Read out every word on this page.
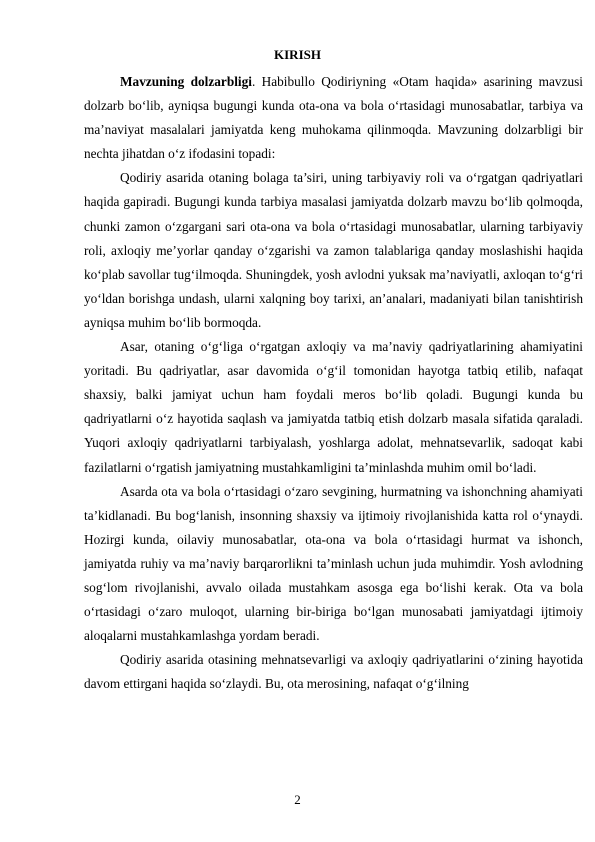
KIRISH

Mavzuning dolzarbligi. Habibullo Qodiriyning «Otam haqida» asarining mavzusi dolzarb bo‘lib, ayniqsa bugungi kunda ota-ona va bola o‘rtasidagi munosabatlar, tarbiya va ma’naviyat masalalari jamiyatda keng muhokama qilinmoqda. Mavzuning dolzarbligi bir nechta jihatdan o‘z ifodasini topadi:

Qodiriy asarida otaning bolaga ta’siri, uning tarbiyaviy roli va o‘rgatgan qadriyatlari haqida gapiradi. Bugungi kunda tarbiya masalasi jamiyatda dolzarb mavzu bo‘lib qolmoqda, chunki zamon o‘zgargani sari ota-ona va bola o‘rtasidagi munosabatlar, ularning tarbiyaviy roli, axloqiy me’yorlar qanday o‘zgarishi va zamon talablariga qanday moslashishi haqida ko‘plab savollar tug‘ilmoqda. Shuningdek, yosh avlodni yuksak ma’naviyatli, axloqan to‘g‘ri yo‘ldan borishga undash, ularni xalqning boy tarixi, an’analari, madaniyati bilan tanishtirish ayniqsa muhim bo‘lib bormoqda.

Asar, otaning o‘g‘liga o‘rgatgan axloqiy va ma’naviy qadriyatlarining ahamiyatini yoritadi. Bu qadriyatlar, asar davomida o‘g‘il tomonidan hayotga tatbiq etilib, nafaqat shaxsiy, balki jamiyat uchun ham foydali meros bo‘lib qoladi. Bugungi kunda bu qadriyatlarni o‘z hayotida saqlash va jamiyatda tatbiq etish dolzarb masala sifatida qaraladi. Yuqori axloqiy qadriyatlarni tarbiyalash, yoshlarga adolat, mehnatsevarlik, sadoqat kabi fazilatlarni o‘rgatish jamiyatning mustahkamligini ta’minlashda muhim omil bo‘ladi.

Asarda ota va bola o‘rtasidagi o‘zaro sevgining, hurmatning va ishonchning ahamiyati ta’kidlanadi. Bu bog‘lanish, insonning shaxsiy va ijtimoiy rivojlanishida katta rol o‘ynaydi. Hozirgi kunda, oilaviy munosabatlar, ota-ona va bola o‘rtasidagi hurmat va ishonch, jamiyatda ruhiy va ma’naviy barqarorlikni ta’minlash uchun juda muhimdir. Yosh avlodning sog‘lom rivojlanishi, avvalo oilada mustahkam asosga ega bo‘lishi kerak. Ota va bola o‘rtasidagi o‘zaro muloqot, ularning bir-biriga bo‘lgan munosabati jamiyatdagi ijtimoiy aloqalarni mustahkamlashga yordam beradi.

Qodiriy asarida otasining mehnatsevarligi va axloqiy qadriyatlarini o‘zining hayotida davom ettirgani haqida so‘zlaydi. Bu, ota merosining, nafaqat o‘g‘ilning

2
